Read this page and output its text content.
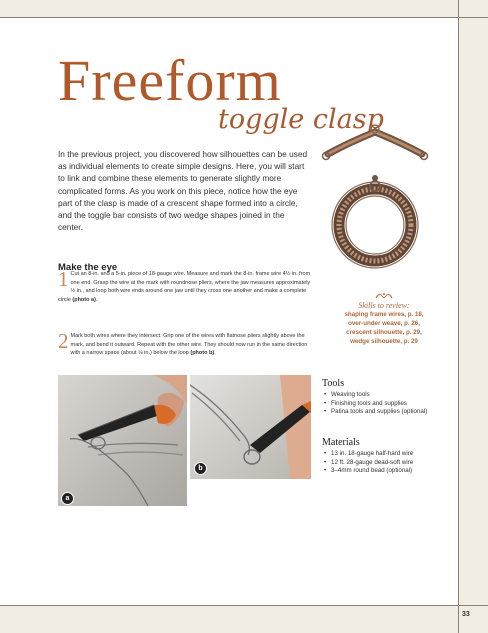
33
Freeform
toggle clasp
In the previous project, you discovered how silhouettes can be used as individual elements to create simple designs. Here, you will start to link and combine these elements to generate slightly more complicated forms. As you work on this piece, notice how the eye part of the clasp is made of a crescent shape formed into a circle, and the toggle bar consists of two wedge shapes joined in the center.
Make the eye
1 Cut an 8-in. and a 5-in. piece of 18-gauge wire. Measure and mark the 8-in. frame wire 4½ in. from one end. Grasp the wire at the mark with roundnose pliers, where the jaw measures approximately ½ in., and loop both wire ends around one jaw until they cross one another and make a complete circle (photo a).
2 Mark both wires where they intersect. Grip one of the wires with flatnose pliers slightly above the mark, and bend it outward. Repeat with the other wire. They should now run in the same direction with a narrow space (about ⅛ in.) below the loop (photo b).
Skills to review:
shaping frame wires, p. 18,
over-under weave, p. 26,
crescent silhouette, p. 29,
wedge silhouette, p. 29
a
b
Tools
• Weaving tools
• Finishing tools and supplies
• Patina tools and supplies (optional)
Materials
• 13 in. 18-gauge half-hard wire
• 12 ft. 28-gauge dead-soft wire
• 3–4mm round bead (optional)
